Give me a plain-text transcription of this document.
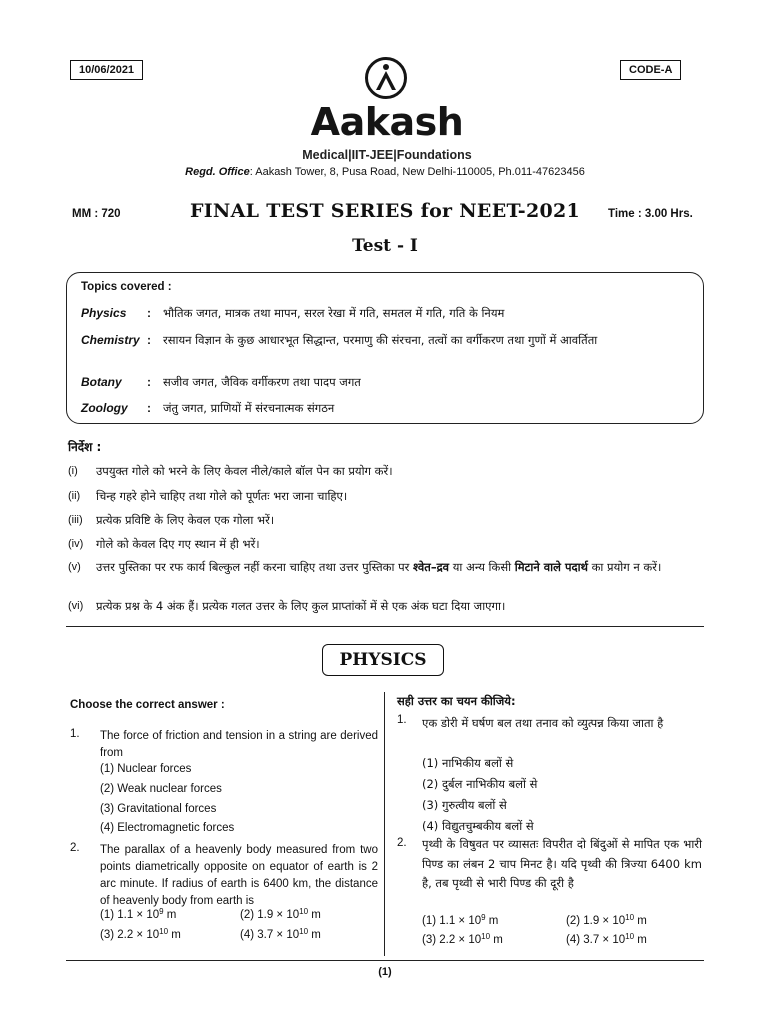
10/06/2021	CODE-A
Aakash
Medical|IIT-JEE|Foundations
Regd. Office: Aakash Tower, 8, Pusa Road, New Delhi-110005, Ph.011-47623456
MM : 720	FINAL TEST SERIES for NEET-2021	Time : 3.00 Hrs.
Test - I
Topics covered :
Physics	: भौतिक जगत, मात्रक तथा मापन, सरल रेखा में गति, समतल में गति, गति के नियम
Chemistry : रसायन विज्ञान के कुछ आधारभूत सिद्धान्त, परमाणु की संरचना, तत्वों का वर्गीकरण तथा गुणों में आवर्तिता
Botany	: सजीव जगत, जैविक वर्गीकरण तथा पादप जगत
Zoology	: जंतु जगत, प्राणियों में संरचनात्मक संगठन
निर्देश :
(i) उपयुक्त गोले को भरने के लिए केवल नीले/काले बॉल पेन का प्रयोग करें।
(ii) चिन्ह गहरे होने चाहिए तथा गोले को पूर्णतः भरा जाना चाहिए।
(iii) प्रत्येक प्रविष्टि के लिए केवल एक गोला भरें।
(iv) गोले को केवल दिए गए स्थान में ही भरें।
(v) उत्तर पुस्तिका पर रफ कार्य बिल्कुल नहीं करना चाहिए तथा उत्तर पुस्तिका पर श्वेत–द्रव या अन्य किसी मिटाने वाले पदार्थ का प्रयोग न करें।
(vi) प्रत्येक प्रश्न के 4 अंक हैं। प्रत्येक गलत उत्तर के लिए कुल प्राप्तांकों में से एक अंक घटा दिया जाएगा।
PHYSICS
Choose the correct answer :
1. The force of friction and tension in a string are derived from
(1) Nuclear forces
(2) Weak nuclear forces
(3) Gravitational forces
(4) Electromagnetic forces
2. The parallax of a heavenly body measured from two points diametrically opposite on equator of earth is 2 arc minute. If radius of earth is 6400 km, the distance of heavenly body from earth is
(1) $1.1 \times 10^9$ m	(2) $1.9 \times 10^{10}$ m
(3) $2.2 \times 10^{10}$ m	(4) $3.7 \times 10^{10}$ m
सही उत्तर का चयन कीजिये:
1. एक डोरी में घर्षण बल तथा तनाव को व्युत्पन्न किया जाता है
(1) नाभिकीय बलों से
(2) दुर्बल नाभिकीय बलों से
(3) गुरुत्वीय बलों से
(4) विद्युतचुम्बकीय बलों से
2. पृथ्वी के विषुवत पर व्यासतः विपरीत दो बिंदुओं से मापित एक भारी पिण्ड का लंबन 2 चाप मिनट है। यदि पृथ्वी की त्रिज्या 6400 km है, तब पृथ्वी से भारी पिण्ड की दूरी है
(1) $1.1 \times 10^9$ m	(2) $1.9 \times 10^{10}$ m
(3) $2.2 \times 10^{10}$ m	(4) $3.7 \times 10^{10}$ m
(1)
